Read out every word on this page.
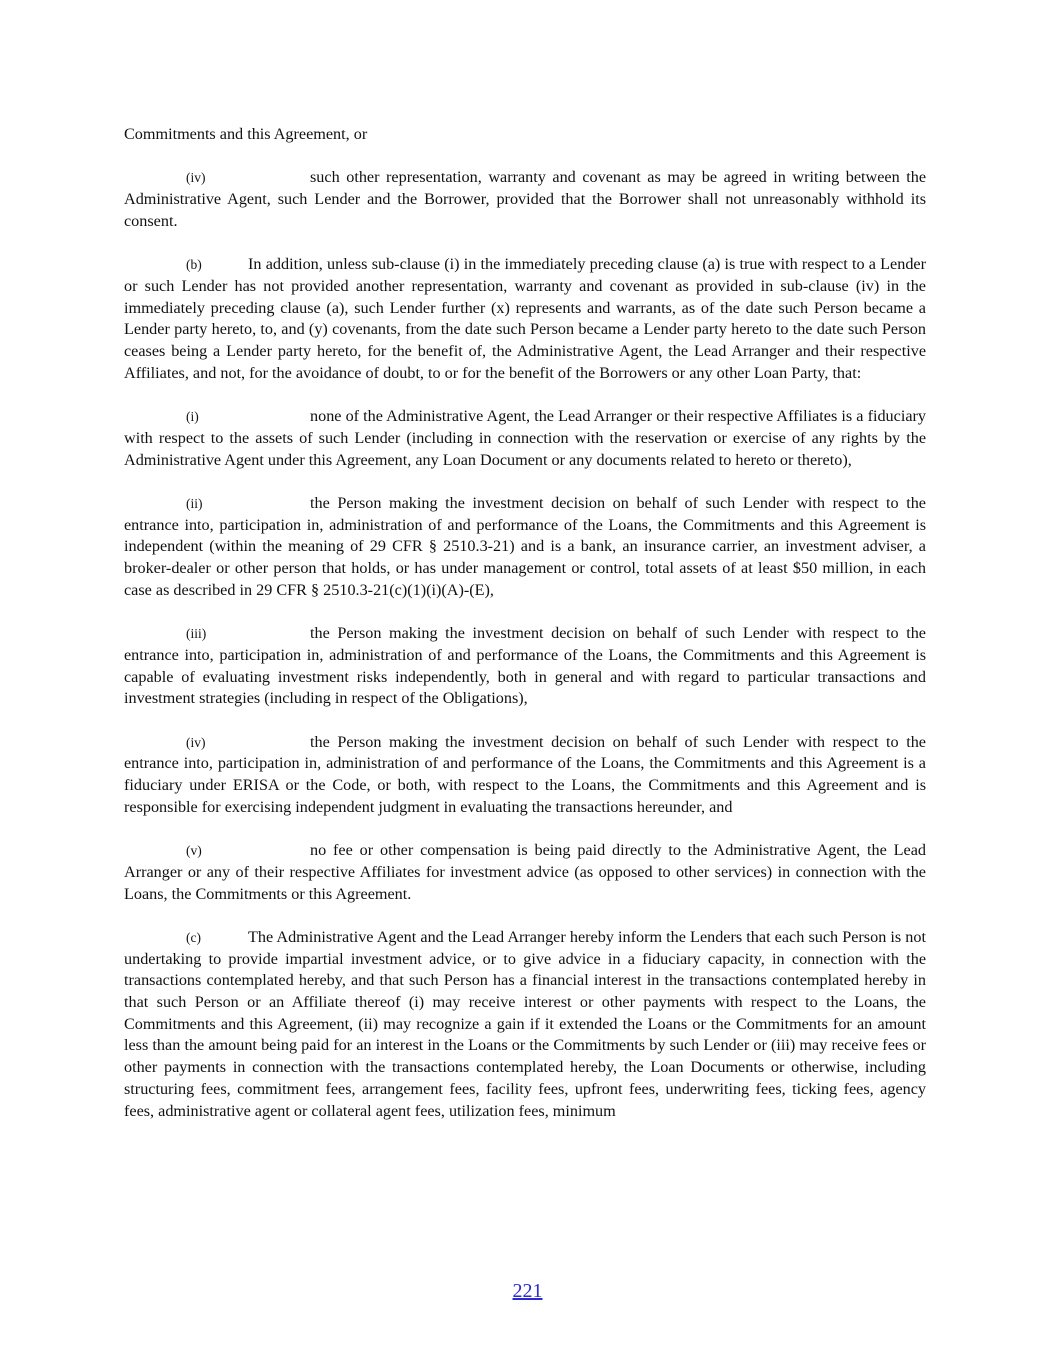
Commitments and this Agreement, or

(iv)	such other representation, warranty and covenant as may be agreed in writing between the Administrative Agent, such Lender and the Borrower, provided that the Borrower shall not unreasonably withhold its consent.

(b)	In addition, unless sub-clause (i) in the immediately preceding clause (a) is true with respect to a Lender or such Lender has not provided another representation, warranty and covenant as provided in sub-clause (iv) in the immediately preceding clause (a), such Lender further (x) represents and warrants, as of the date such Person became a Lender party hereto, to, and (y) covenants, from the date such Person became a Lender party hereto to the date such Person ceases being a Lender party hereto, for the benefit of, the Administrative Agent, the Lead Arranger and their respective Affiliates, and not, for the avoidance of doubt, to or for the benefit of the Borrowers or any other Loan Party, that:

(i)	none of the Administrative Agent, the Lead Arranger or their respective Affiliates is a fiduciary with respect to the assets of such Lender (including in connection with the reservation or exercise of any rights by the Administrative Agent under this Agreement, any Loan Document or any documents related to hereto or thereto),

(ii)	the Person making the investment decision on behalf of such Lender with respect to the entrance into, participation in, administration of and performance of the Loans, the Commitments and this Agreement is independent (within the meaning of 29 CFR § 2510.3-21) and is a bank, an insurance carrier, an investment adviser, a broker-dealer or other person that holds, or has under management or control, total assets of at least $50 million, in each case as described in 29 CFR § 2510.3-21(c)(1)(i)(A)-(E),

(iii)	the Person making the investment decision on behalf of such Lender with respect to the entrance into, participation in, administration of and performance of the Loans, the Commitments and this Agreement is capable of evaluating investment risks independently, both in general and with regard to particular transactions and investment strategies (including in respect of the Obligations),

(iv)	the Person making the investment decision on behalf of such Lender with respect to the entrance into, participation in, administration of and performance of the Loans, the Commitments and this Agreement is a fiduciary under ERISA or the Code, or both, with respect to the Loans, the Commitments and this Agreement and is responsible for exercising independent judgment in evaluating the transactions hereunder, and

(v)	no fee or other compensation is being paid directly to the Administrative Agent, the Lead Arranger or any of their respective Affiliates for investment advice (as opposed to other services) in connection with the Loans, the Commitments or this Agreement.

(c)	The Administrative Agent and the Lead Arranger hereby inform the Lenders that each such Person is not undertaking to provide impartial investment advice, or to give advice in a fiduciary capacity, in connection with the transactions contemplated hereby, and that such Person has a financial interest in the transactions contemplated hereby in that such Person or an Affiliate thereof (i) may receive interest or other payments with respect to the Loans, the Commitments and this Agreement, (ii) may recognize a gain if it extended the Loans or the Commitments for an amount less than the amount being paid for an interest in the Loans or the Commitments by such Lender or (iii) may receive fees or other payments in connection with the transactions contemplated hereby, the Loan Documents or otherwise, including structuring fees, commitment fees, arrangement fees, facility fees, upfront fees, underwriting fees, ticking fees, agency fees, administrative agent or collateral agent fees, utilization fees, minimum

221
